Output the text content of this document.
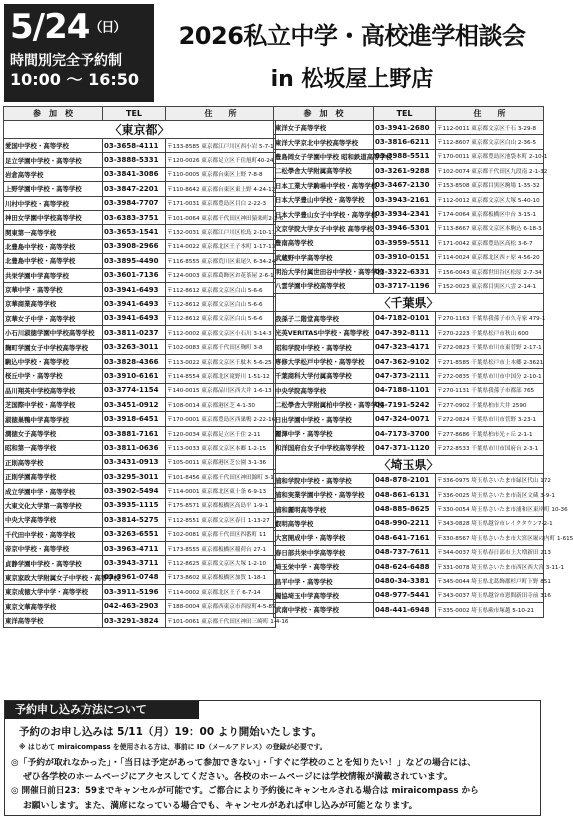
5/24（日）
時間別完全予約制
10:00 〜 16:50
2026私立中学・高校進学相談会
in 松坂屋上野店
参　加　校	TEL	住　　所
〈東京都〉		
愛国中学校・高等学校	03-3658-4111	〒133-8585 東京都江戸川区西小岩 5-7-1
足立学園中学校・高等学校	03-3888-5331	〒120-0026 東京都足立区千住旭町40-24
岩倉高等学校	03-3841-3086	〒110-0005 東京都台東区上野 7-8-8
上野学園中学校・高等学校	03-3847-2201	〒110-8642 東京都台東区東上野 4-24-12
川村中学校・高等学校	03-3984-7707	〒171-0031 東京都豊島区目白 2-22-3
神田女学園中学校高等学校	03-6383-3751	〒101-0064 東京都千代田区神田猿楽町2-3-6
関東第一高等学校	03-3653-1541	〒132-0031 東京都江戸川区松島 2-10-11
北豊島中学校・高等学校	03-3908-2966	〒114-0022 東京都北区王子本町 1-17-13
北豊島中学校・高等学校	03-3895-4490	〒116-8555 東京都荒川区東尾久 6-34-24
共栄学園中学高等学校	03-3601-7136	〒124-0003 東京都葛飾区お花茶屋 2-6-1
京華中学・高等学校	03-3941-6493	〒112-8612 東京都文京区白山 5-6-6
京華商業高等学校	03-3941-6493	〒112-8612 東京都文京区白山 5-6-6
京華女子中学・高等学校	03-3941-6493	〒112-8612 東京都文京区白山 5-6-6
小石川淑徳学園中学校高等学校	03-3811-0237	〒112-0002 東京都文京区小石川 3-14-3
麹町学園女子中学校高等学校	03-3263-3011	〒102-0083 東京都千代田区麹町 3-8
駒込中学校・高等学校	03-3828-4366	〒113-0022 東京都文京区千駄木 5-6-25
桜丘中学・高等学校	03-3910-6161	〒114-8554 東京都北区滝野川 1-51-12
品川翔英中学校高等学校	03-3774-1154	〒140-0015 東京都品川区西大井 1-6-13
芝国際中学校・高等学校	03-3451-0912	〒108-0014 東京都港区芝 4-1-30
淑徳巣鴨中学高等学校	03-3918-6451	〒170-0001 東京都豊島区西巣鴨 2-22-16
潤徳女子高等学校	03-3881-7161	〒120-0034 東京都足立区千住 2-11
昭和第一高等学校	03-3811-0636	〒113-0033 東京都文京区本郷 1-2-15
正則高等学校	03-3431-0913	〒105-0011 東京都港区芝公園 3-1-36
正則学園高等学校	03-3295-3011	〒101-8456 東京都千代田区神田錦町 3-1
成立学園中学・高等学校	03-3902-5494	〒114-0001 東京都北区東十条 6-9-13
大東文化大学第一高等学校	03-3935-1115	〒175-8571 東京都板橋区高島平 1-9-1
中央大学高等学校	03-3814-5275	〒112-8551 東京都文京区春日 1-13-27
千代田中学校・高等学校	03-3263-6551	〒102-0081 東京都千代田区四番町 11
帝京中学校・高等学校	03-3963-4711	〒173-8555 東京都板橋区稲荷台 27-1
貞静学園中学校・高等学校	03-3943-3711	〒112-8625 東京都文京区大塚 1-2-10
東京家政大学附属女子中学校・高等学校	03-3961-0748	〒173-8602 東京都板橋区加賀 1-18-1
東京成徳大学中学・高等学校	03-3911-5196	〒114-0002 東京都北区王子 6-7-14
東京文華高等学校	042-463-2903	〒188-0004 東京都西東京市西原町4-5-85
東洋高等学校	03-3291-3824	〒101-0061 東京都千代田区神田三崎町 1-4-16
参　加　校	TEL	住　　所
東洋女子高等学校	03-3941-2680	〒112-0011 東京都文京区千石 3-29-8
東洋大学京北中学校高等学校	03-3816-6211	〒112-8607 東京都文京区白山 2-36-5
豊島岡女子学園中学校 昭和鉄道高等学校	03-3988-5511	〒170-0011 東京都豊島区池袋本町 2-10-1
二松學舎大学附属高等学校	03-3261-9288	〒102-0074 東京都千代田区九段南 2-1-32
日本工業大学駒場中学校・高等学校	03-3467-2130	〒153-8508 東京都目黒区駒場 1-35-32
日本大学豊山中学校・高等学校	03-3943-2161	〒112-0012 東京都文京区大塚 5-40-10
日本大学豊山女子中学校・高等学校	03-3934-2341	〒174-0064 東京都板橋区中台 3-15-1
文京学院大学女子中学校 高等学校	03-3946-5301	〒113-8667 東京都文京区本駒込 6-18-3
豊南高等学校	03-3959-5511	〒171-0042 東京都豊島区高松 3-6-7
武蔵野中学高等学校	03-3910-0151	〒114-0024 東京都北区西ヶ原 4-56-20
明治大学付属世田谷中学校・高等学校	03-3322-6331	〒156-0043 東京都世田谷区松原 2-7-34
八雲学園中学校高等学校	03-3717-1196	〒152-0023 東京都目黒区八雲 2-14-1
〈千葉県〉		
我孫子二階堂高等学校	04-7182-0101	〒270-1163 千葉県我孫子市久寺家 479-1
光英VERITAS中学校・高等学校	047-392-8111	〒270-2223 千葉県松戸市秋山 600
昭和学院中学校・高等学校	047-323-4171	〒272-0823 千葉県市川市東菅野 2-17-1
専修大学松戸中学校・高等学校	047-362-9102	〒271-8585 千葉県松戸市上本郷 2-3621
千葉商科大学付属高等学校	047-373-2111	〒272-0835 千葉県市川市中国分 2-10-1
中央学院高等学校	04-7188-1101	〒270-1131 千葉県我孫子市都部 765
二松學舎大学附属柏中学校・高等学校	04-7191-5242	〒277-0902 千葉県柏市大井 2590
日出学園中学校・高等学校	047-324-0071	〒272-0824 千葉県市川市菅野 3-23-1
麗澤中学・高等学校	04-7173-3700	〒277-8686 千葉県柏市光ヶ丘 2-1-1
和洋国府台女子中学校高等学校	047-371-1120	〒272-8533 千葉県市川市国府台 2-3-1
〈埼玉県〉		
浦和学院中学校・高等学校	048-878-2101	〒336-0975 埼玉県さいたま市緑区代山 172
浦和実業学園中学校・高等学校	048-861-6131	〒336-0025 埼玉県さいたま市南区文蔵 3-9-1
浦和麗明高等学校	048-885-8625	〒330-0054 埼玉県さいたま市浦和区東岸町 10-36
叡明高等学校	048-990-2211	〒343-0828 埼玉県越谷市レイクタウン7-2-1
大宮開成中学・高等学校	048-641-7161	〒330-8567 埼玉県さいたま市大宮区堀の内町 1-615
春日部共栄中学高等学校	048-737-7611	〒344-0037 埼玉県春日部市上大増新田 213
埼玉栄中学・高等学校	048-624-6488	〒331-0078 埼玉県さいたま市西区西大宮 3-11-1
昌平中学・高等学校	0480-34-3381	〒345-0044 埼玉県北葛飾郡杉戸町下野 851
獨協埼玉中学高等学校	048-977-5441	〒343-0037 埼玉県越谷市恩間新田寺前 316
武南中学校・高等学校	048-441-6948	〒335-0002 埼玉県蕨市塚越 5-10-21
予約申し込み方法について
予約のお申し込みは 5/11（月）19：00 より開始いたします。
※ はじめて miraicompass を使用される方は、事前に ID（メールアドレス）の登録が必要です。
◎「予約が取れなかった」・「当日は予定があって参加できない」・「すぐに学校のことを知りたい！」などの場合には、
ぜひ各学校のホームページにアクセスしてください。各校のホームページには学校情報が満載されています。
◎ 開催日前日23：59までキャンセルが可能です。ご都合により予約後にキャンセルされる場合は miraicompass から
お願いします。また、満席になっている場合でも、キャンセルがあれば申し込みが可能となります。
